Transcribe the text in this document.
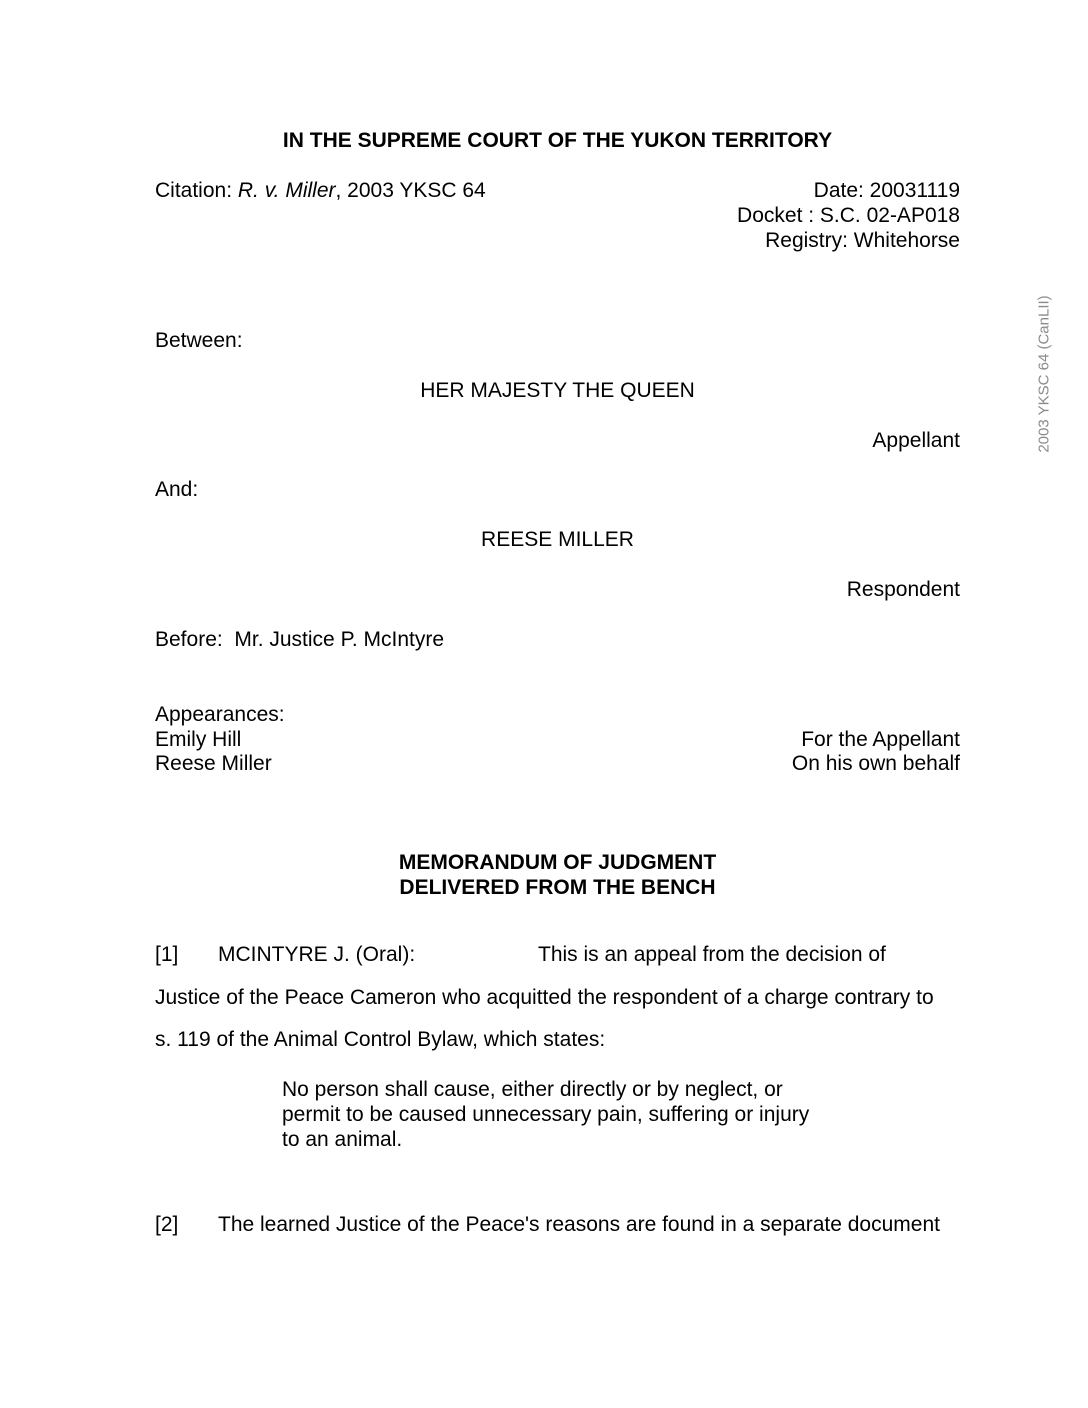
IN THE SUPREME COURT OF THE YUKON TERRITORY
Citation: R. v. Miller, 2003 YKSC 64	Date: 20031119
Docket : S.C. 02-AP018
Registry: Whitehorse
Between:
HER MAJESTY THE QUEEN
Appellant
And:
REESE MILLER
Respondent
Before:  Mr. Justice P. McIntyre
Appearances:
Emily Hill	For the Appellant
Reese Miller	On his own behalf
MEMORANDUM OF JUDGMENT
DELIVERED FROM THE BENCH
[1] MCINTYRE J. (Oral):	This is an appeal from the decision of
Justice of the Peace Cameron who acquitted the respondent of a charge contrary to
s. 119 of the Animal Control Bylaw, which states:
No person shall cause, either directly or by neglect, or
permit to be caused unnecessary pain, suffering or injury
to an animal.
[2] The learned Justice of the Peace's reasons are found in a separate document
2003 YKSC 64 (CanLII)
